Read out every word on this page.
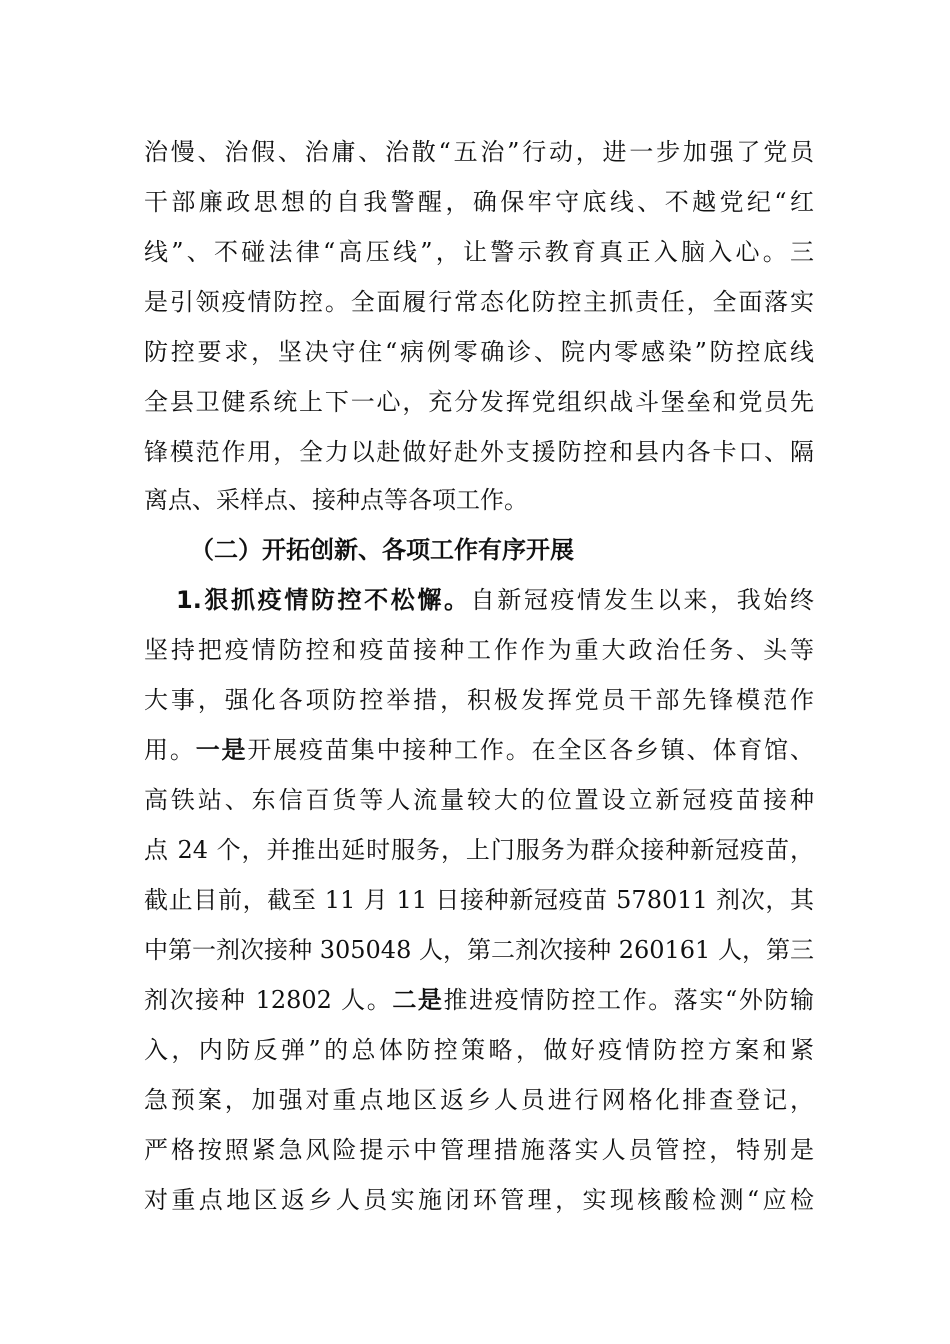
治慢、治假、治庸、治散“五治”行动，进一步加强了党员
干部廉政思想的自我警醒，确保牢守底线、不越党纪“红
线”、不碰法律“高压线”，让警示教育真正入脑入心。三
是引领疫情防控。全面履行常态化防控主抓责任，全面落实
防控要求，坚决守住“病例零确诊、院内零感染”防控底线
全县卫健系统上下一心，充分发挥党组织战斗堡垒和党员先
锋模范作用，全力以赴做好赴外支援防控和县内各卡口、隔
离点、采样点、接种点等各项工作。
（二）开拓创新、各项工作有序开展
1.狠抓疫情防控不松懈。自新冠疫情发生以来，我始终
坚持把疫情防控和疫苗接种工作作为重大政治任务、头等
大事，强化各项防控举措，积极发挥党员干部先锋模范作
用。一是开展疫苗集中接种工作。在全区各乡镇、体育馆、
高铁站、东信百货等人流量较大的位置设立新冠疫苗接种
点 24 个，并推出延时服务，上门服务为群众接种新冠疫苗，
截止目前，截至 11 月 11 日接种新冠疫苗 578011 剂次，其
中第一剂次接种 305048 人，第二剂次接种 260161 人，第三
剂次接种 12802 人。二是推进疫情防控工作。落实“外防输
入，内防反弹”的总体防控策略，做好疫情防控方案和紧
急预案，加强对重点地区返乡人员进行网格化排查登记，
严格按照紧急风险提示中管理措施落实人员管控，特别是
对重点地区返乡人员实施闭环管理，实现核酸检测“应检
